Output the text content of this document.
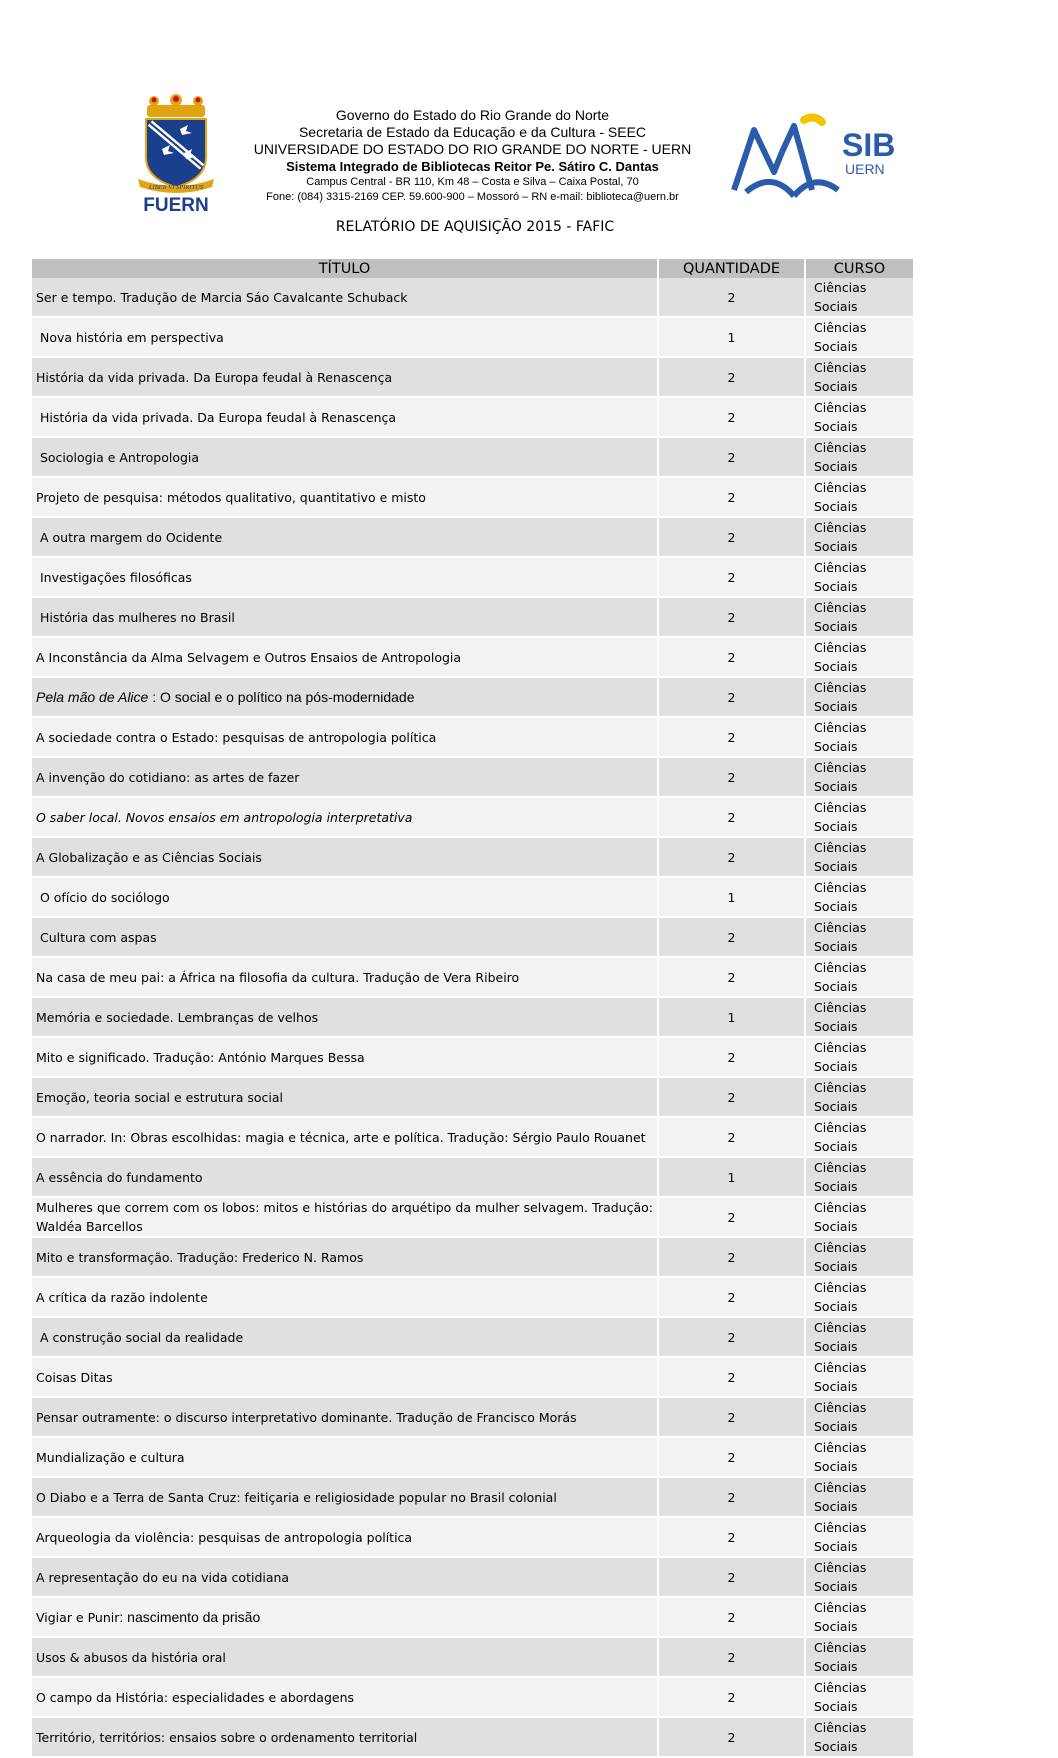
LIBER VI SPIRITUS
FUERN
Governo do Estado do Rio Grande do Norte
Secretaria de Estado da Educação e da Cultura - SEEC
UNIVERSIDADE DO ESTADO DO RIO GRANDE DO NORTE - UERN
Sistema Integrado de Bibliotecas Reitor Pe. Sátiro C. Dantas
Campus Central - BR 110, Km 48 – Costa e Silva – Caixa Postal, 70
Fone: (084) 3315-2169 CEP. 59.600-900 – Mossoró – RN e-mail: biblioteca@uern.br
SIB
UERN
RELATÓRIO DE AQUISIÇÃO 2015 - FAFIC
TÍTULO	QUANTIDADE	CURSO
Ser e tempo. Tradução de Marcia Sáo Cavalcante Schuback	2	Ciências Sociais
Nova história em perspectiva	1	Ciências Sociais
História da vida privada. Da Europa feudal à Renascença	2	Ciências Sociais
História da vida privada. Da Europa feudal à Renascença	2	Ciências Sociais
Sociologia e Antropologia	2	Ciências Sociais
Projeto de pesquisa: métodos qualitativo, quantitativo e misto	2	Ciências Sociais
A outra margem do Ocidente	2	Ciências Sociais
Investigações filosóficas	2	Ciências Sociais
História das mulheres no Brasil	2	Ciências Sociais
A Inconstância da Alma Selvagem e Outros Ensaios de Antropologia	2	Ciências Sociais
Pela mão de Alice : O social e o político na pós-modernidade	2	Ciências Sociais
A sociedade contra o Estado: pesquisas de antropologia política	2	Ciências Sociais
A invenção do cotidiano: as artes de fazer	2	Ciências Sociais
O saber local. Novos ensaios em antropologia interpretativa	2	Ciências Sociais
A Globalização e as Ciências Sociais	2	Ciências Sociais
O ofício do sociólogo	1	Ciências Sociais
Cultura com aspas	2	Ciências Sociais
Na casa de meu pai: a África na filosofia da cultura. Tradução de Vera Ribeiro	2	Ciências Sociais
Memória e sociedade. Lembranças de velhos	1	Ciências Sociais
Mito e significado. Tradução: António Marques Bessa	2	Ciências Sociais
Emoção, teoria social e estrutura social	2	Ciências Sociais
O narrador. In: Obras escolhidas: magia e técnica, arte e política. Tradução: Sérgio Paulo Rouanet	2	Ciências Sociais
A essência do fundamento	1	Ciências Sociais
Mulheres que correm com os lobos: mitos e histórias do arquétipo da mulher selvagem. Tradução: Waldéa Barcellos	2	Ciências Sociais
Mito e transformação. Tradução: Frederico N. Ramos	2	Ciências Sociais
A crítica da razão indolente	2	Ciências Sociais
A construção social da realidade	2	Ciências Sociais
Coisas Ditas	2	Ciências Sociais
Pensar outramente: o discurso interpretativo dominante. Tradução de Francisco Morás	2	Ciências Sociais
Mundialização e cultura	2	Ciências Sociais
O Diabo e a Terra de Santa Cruz: feitiçaria e religiosidade popular no Brasil colonial	2	Ciências Sociais
Arqueologia da violência: pesquisas de antropologia política	2	Ciências Sociais
A representação do eu na vida cotidiana	2	Ciências Sociais
Vigiar e Punir: nascimento da prisão	2	Ciências Sociais
Usos & abusos da história oral	2	Ciências Sociais
O campo da História: especialidades e abordagens	2	Ciências Sociais
Território, territórios: ensaios sobre o ordenamento territorial	2	Ciências Sociais
